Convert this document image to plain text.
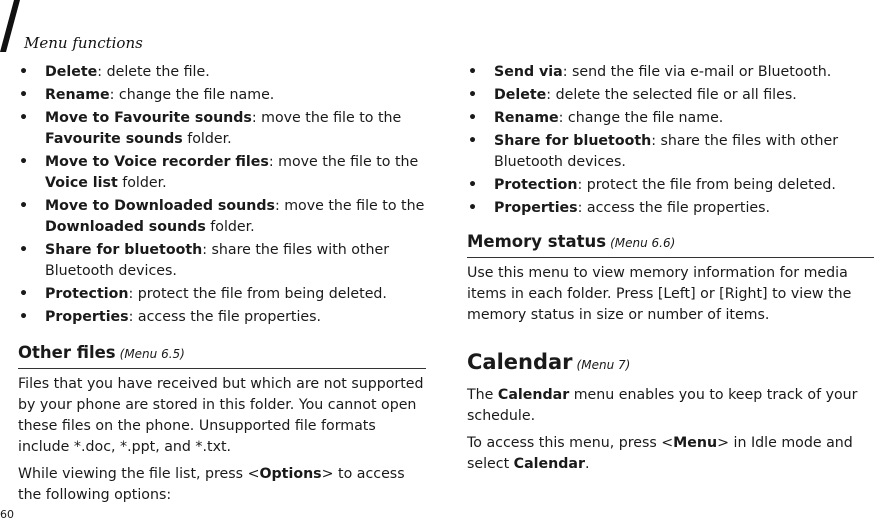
Menu functions
• Delete: delete the file.
• Rename: change the file name.
• Move to Favourite sounds: move the file to the Favourite sounds folder.
• Move to Voice recorder files: move the file to the Voice list folder.
• Move to Downloaded sounds: move the file to the Downloaded sounds folder.
• Share for bluetooth: share the files with other Bluetooth devices.
• Protection: protect the file from being deleted.
• Properties: access the file properties.
Other files (Menu 6.5)

Files that you have received but which are not supported by your phone are stored in this folder. You cannot open these files on the phone. Unsupported file formats include *.doc, *.ppt, and *.txt.

While viewing the file list, press <Options> to access the following options:

• Send via: send the file via e-mail or Bluetooth.
• Delete: delete the selected file or all files.
• Rename: change the file name.
• Share for bluetooth: share the files with other Bluetooth devices.
• Protection: protect the file from being deleted.
• Properties: access the file properties.
Memory status (Menu 6.6)

Use this menu to view memory information for media items in each folder. Press [Left] or [Right] to view the memory status in size or number of items.

Calendar (Menu 7)

The Calendar menu enables you to keep track of your schedule.

To access this menu, press <Menu> in Idle mode and select Calendar.

60
